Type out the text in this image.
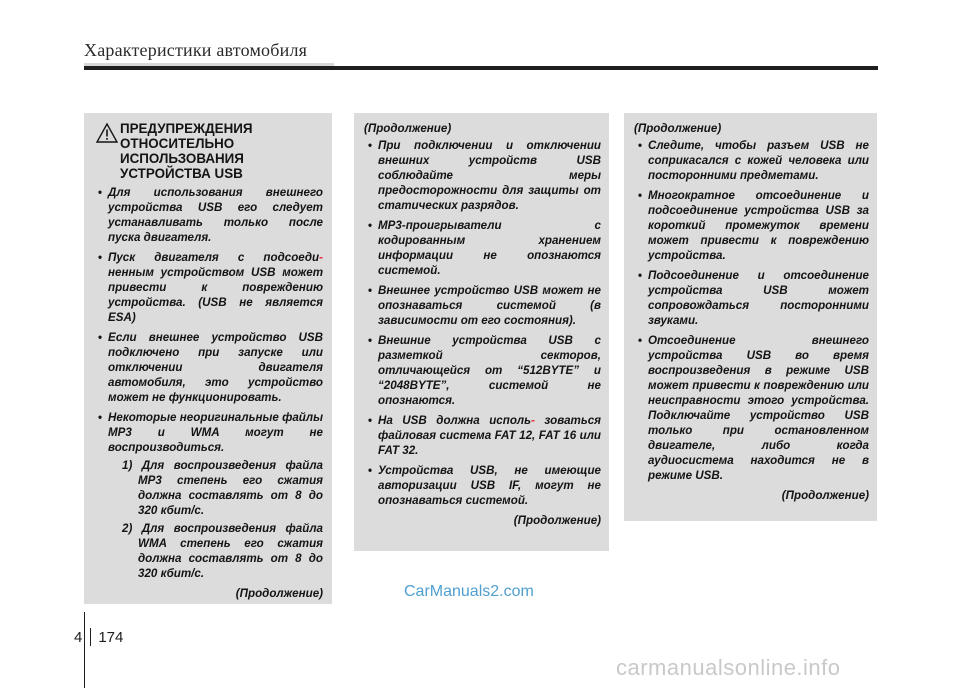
Характеристики автомобиля
ПРЕДУПРЕЖДЕНИЯ
ОТНОСИТЕЛЬНО
ИСПОЛЬЗОВАНИЯ
УСТРОЙСТВА USB
• Для использования внешнего устройства USB его следует устанавливать только после пуска двигателя.
• Пуск двигателя с подсоеди- ненным устройством USB может привести к повреждению устройства. (USB не является ESA)
• Если внешнее устройство USB подключено при запуске или отключении двигателя автомобиля, это устройство может не функционировать.
• Некоторые неоригинальные файлы MP3 и WMA могут не воспроизводиться.
1) Для воспроизведения файла MP3 степень его сжатия должна составлять от 8 до 320 кбит/с.
2) Для воспроизведения файла WMA степень его сжатия должна составлять от 8 до 320 кбит/с.
(Продолжение)
(Продолжение)
• При подключении и отключении внешних устройств USB соблюдайте меры предосторожности для защиты от статических разрядов.
• MP3-проигрыватели с кодированным хранением информации не опознаются системой.
• Внешнее устройство USB может не опознаваться системой (в зависимости от его состояния).
• Внешние устройства USB с разметкой секторов, отличающейся от “512BYTE” и “2048BYTE”, системой не опознаются.
• На USB должна исполь- зоваться файловая система FAT 12, FAT 16 или FAT 32.
• Устройства USB, не имеющие авторизации USB IF, могут не опознаваться системой.
(Продолжение)
(Продолжение)
• Следите, чтобы разъем USB не соприкасался с кожей человека или посторонними предметами.
• Многократное отсоединение и подсоединение устройства USB за короткий промежуток времени может привести к повреждению устройства.
• Подсоединение и отсоединение устройства USB может сопровождаться посторонними звуками.
• Отсоединение внешнего устройства USB во время воспроизведения в режиме USB может привести к повреждению или неисправности этого устройства. Подключайте устройство USB только при остановленном двигателе, либо когда аудиосистема находится не в режиме USB.
(Продолжение)
CarManuals2.com
4 174
carmanualsonline.info
